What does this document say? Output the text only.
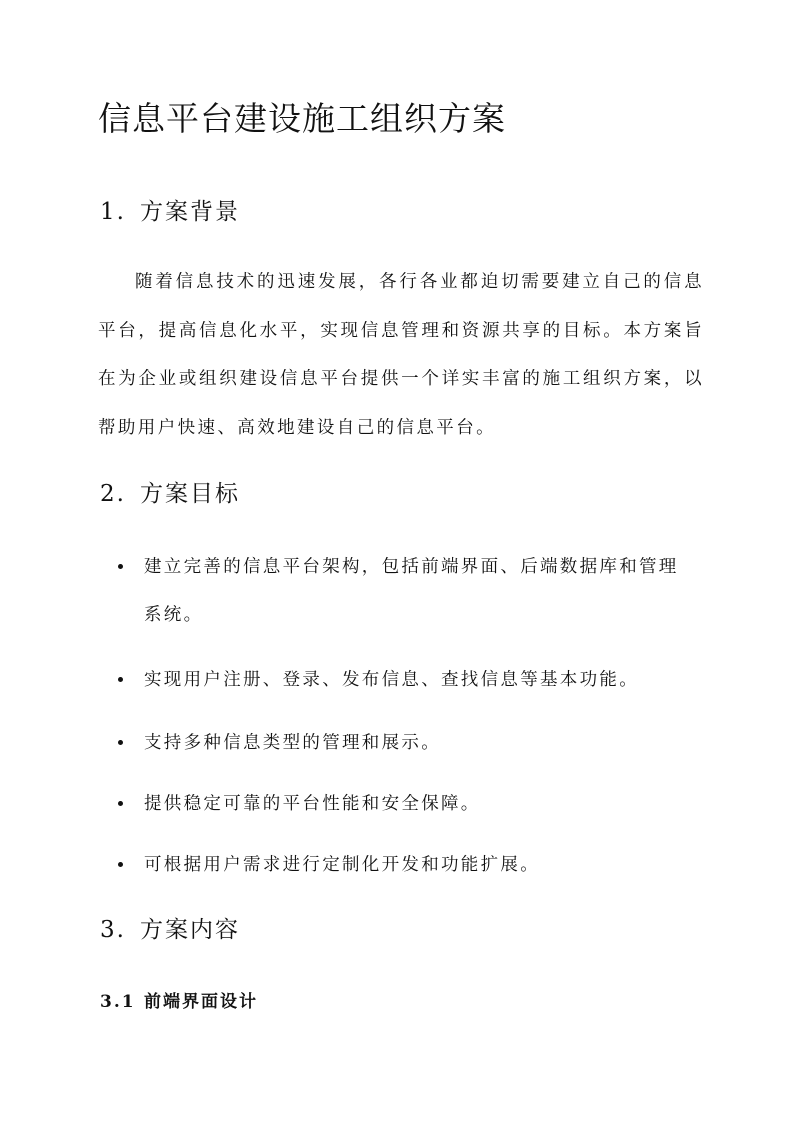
信息平台建设施工组织方案
1. 方案背景

随着信息技术的迅速发展，各行各业都迫切需要建立自己的信息平台，提高信息化水平，实现信息管理和资源共享的目标。本方案旨在为企业或组织建设信息平台提供一个详实丰富的施工组织方案，以帮助用户快速、高效地建设自己的信息平台。

2. 方案目标
建立完善的信息平台架构，包括前端界面、后端数据库和管理系统。
实现用户注册、登录、发布信息、查找信息等基本功能。
支持多种信息类型的管理和展示。
提供稳定可靠的平台性能和安全保障。
可根据用户需求进行定制化开发和功能扩展。
3. 方案内容
3.1 前端界面设计
